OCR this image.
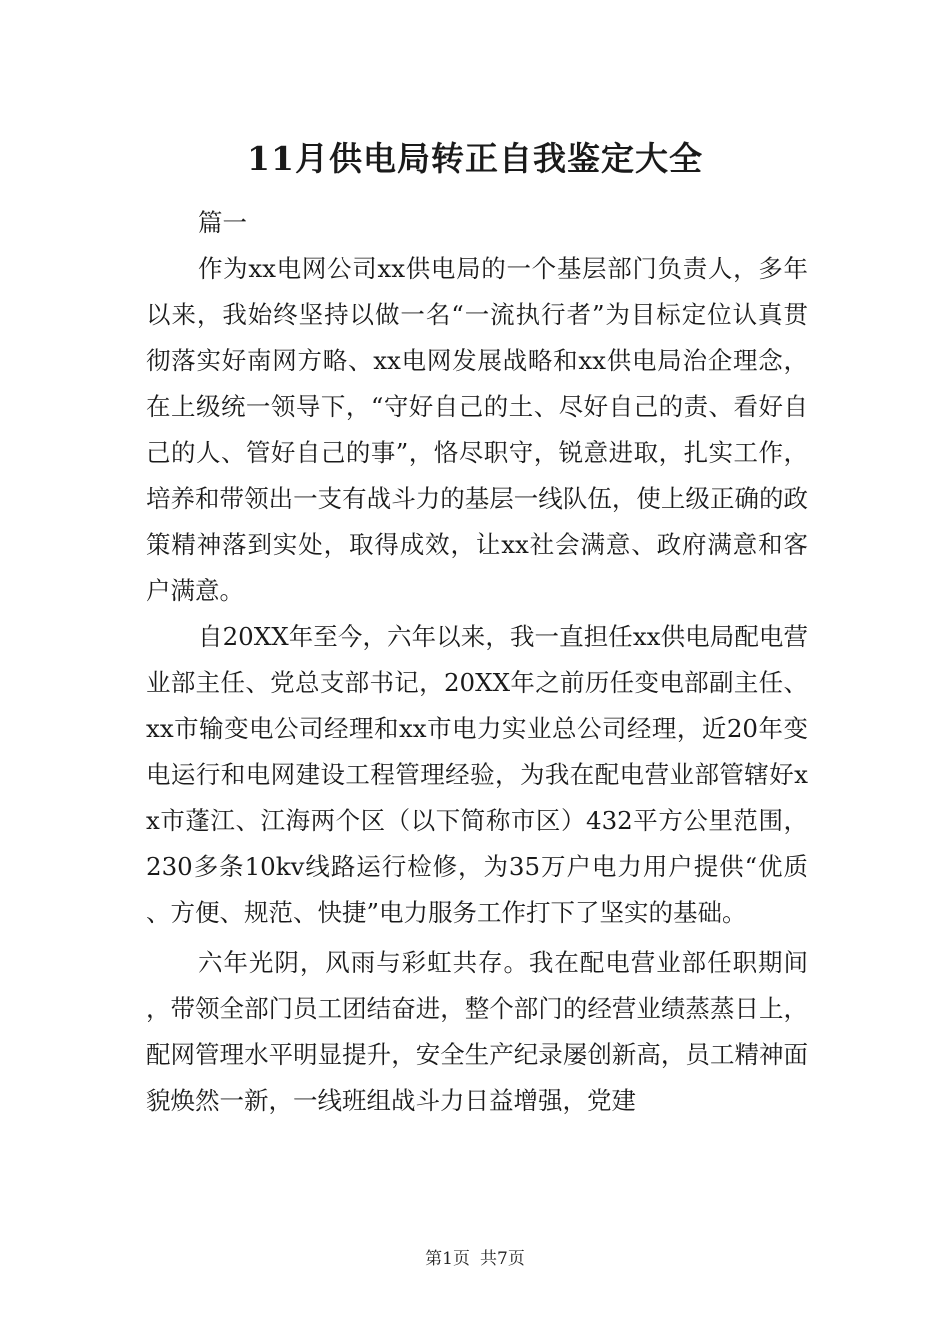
11月供电局转正自我鉴定大全

篇一

作为xx电网公司xx供电局的一个基层部门负责人，多年以来，我始终坚持以做一名“一流执行者”为目标定位认真贯彻落实好南网方略、xx电网发展战略和xx供电局治企理念，在上级统一领导下，“守好自己的土、尽好自己的责、看好自己的人、管好自己的事”，恪尽职守，锐意进取，扎实工作，培养和带领出一支有战斗力的基层一线队伍，使上级正确的政策精神落到实处，取得成效，让xx社会满意、政府满意和客户满意。

自20XX年至今，六年以来，我一直担任xx供电局配电营业部主任、党总支部书记，20XX年之前历任变电部副主任、xx市输变电公司经理和xx市电力实业总公司经理，近20年变电运行和电网建设工程管理经验，为我在配电营业部管辖好xx市蓬江、江海两个区（以下简称市区）432平方公里范围，230多条10kv线路运行检修，为35万户电力用户提供“优质、方便、规范、快捷”电力服务工作打下了坚实的基础。

六年光阴，风雨与彩虹共存。我在配电营业部任职期间，带领全部门员工团结奋进，整个部门的经营业绩蒸蒸日上，配网管理水平明显提升，安全生产纪录屡创新高，员工精神面貌焕然一新，一线班组战斗力日益增强，党建

第1页 共7页
